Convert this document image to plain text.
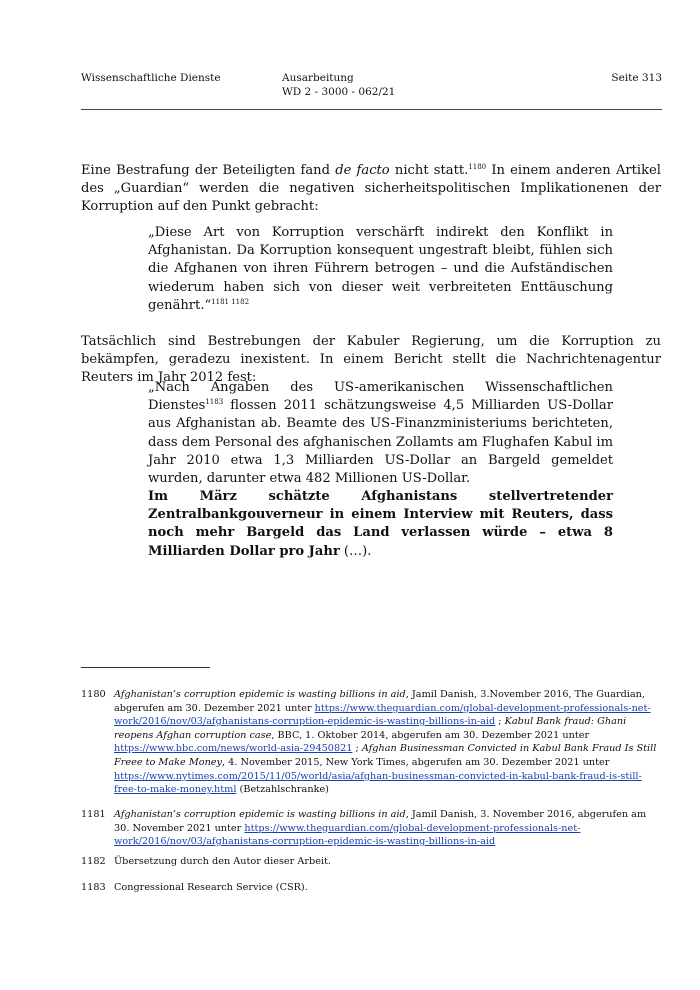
Wissenschaftliche Dienste	Ausarbeitung
WD 2 - 3000 - 062/21
Seite 313
Eine Bestrafung der Beteiligten fand de facto nicht statt.$^{1180}$ In einem anderen Artikel des „Guardian“ werden die negativen sicherheitspolitischen Implikationenen der Korruption auf den Punkt gebracht:
„Diese Art von Korruption verschärft indirekt den Konflikt in Afghanistan. Da Korruption konsequent ungestraft bleibt, fühlen sich die Afghanen von ihren Führern betrogen – und die Aufständischen wiederum haben sich von dieser weit verbreiteten Enttäuschung genährt.“$^{1181 1182}$
Tatsächlich sind Bestrebungen der Kabuler Regierung, um die Korruption zu bekämpfen, geradezu inexistent. In einem Bericht stellt die Nachrichtenagentur Reuters im Jahr 2012 fest:
„Nach Angaben des US-amerikanischen Wissenschaftlichen Dienstes$^{1183}$ flossen 2011 schätzungsweise 4,5 Milliarden US-Dollar aus Afghanistan ab. Beamte des US-Finanzministeriums berichteten, dass dem Personal des afghanischen Zollamts am Flughafen Kabul im Jahr 2010 etwa 1,3 Milliarden US-Dollar an Bargeld gemeldet wurden, darunter etwa 482 Millionen US-Dollar.
Im März schätzte Afghanistans stellvertretender Zentralbankgouverneur in einem Interview mit Reuters, dass noch mehr Bargeld das Land verlassen würde – etwa 8 Milliarden Dollar pro Jahr (…).
1180 Afghanistan’s corruption epidemic is wasting billions in aid, Jamil Danish, 3.November 2016, The Guardian, abgerufen am 30. Dezember 2021 unter https://www.theguardian.com/global-development-professionals-net-work/2016/nov/03/afghanistans-corruption-epidemic-is-wasting-billions-in-aid ; Kabul Bank fraud: Ghani reopens Afghan corruption case, BBC, 1. Oktober 2014, abgerufen am 30. Dezember 2021 unter https://www.bbc.com/news/world-asia-29450821 ; Afghan Businessman Convicted in Kabul Bank Fraud Is Still Freee to Make Money, 4. November 2015, New York Times, abgerufen am 30. Dezember 2021 unter https://www.nytimes.com/2015/11/05/world/asia/afghan-businessman-convicted-in-kabul-bank-fraud-is-still-free-to-make-money.html (Betzahlschranke)
1181 Afghanistan’s corruption epidemic is wasting billions in aid, Jamil Danish, 3. November 2016, abgerufen am 30. November 2021 unter https://www.theguardian.com/global-development-professionals-net-work/2016/nov/03/afghanistans-corruption-epidemic-is-wasting-billions-in-aid
1182 Übersetzung durch den Autor dieser Arbeit.
1183 Congressional Research Service (CSR).
